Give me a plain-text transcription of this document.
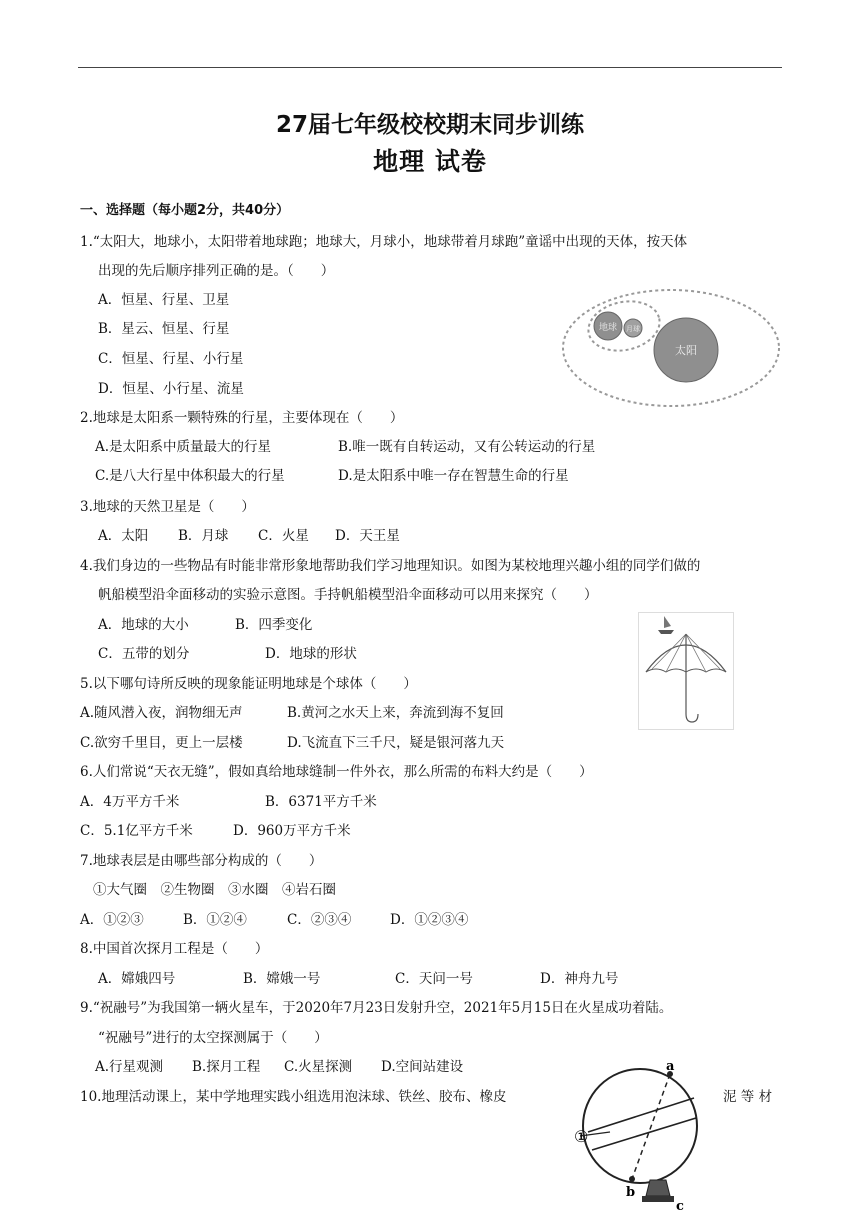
27届七年级校校期末同步训练
地理 试卷
一、选择题（每小题2分，共40分）
1.“太阳大，地球小，太阳带着地球跑；地球大，月球小，地球带着月球跑”童谣中出现的天体，按天体
出现的先后顺序排列正确的是。（　　）
A．恒星、行星、卫星
B．星云、恒星、行星
C．恒星、行星、小行星
D．恒星、小行星、流星
太阳
地球 月球
2.地球是太阳系一颗特殊的行星，主要体现在（　　）
A.是太阳系中质量最大的行星	B.唯一既有自转运动，又有公转运动的行星
C.是八大行星中体积最大的行星	D.是太阳系中唯一存在智慧生命的行星
3.地球的天然卫星是（　　）
A．太阳 B．月球 C．火星 D．天王星
4.我们身边的一些物品有时能非常形象地帮助我们学习地理知识。如图为某校地理兴趣小组的同学们做的
帆船模型沿伞面移动的实验示意图。手持帆船模型沿伞面移动可以用来探究（　　）
A．地球的大小	B．四季变化
C．五带的划分	D．地球的形状
5.以下哪句诗所反映的现象能证明地球是个球体（　　）
A.随风潜入夜，润物细无声	B.黄河之水天上来，奔流到海不复回
C.欲穷千里目，更上一层楼	D.飞流直下三千尺，疑是银河落九天
6.人们常说“天衣无缝”，假如真给地球缝制一件外衣，那么所需的布料大约是（　　）
A．4万平方千米	B．6371平方千米
C．5.1亿平方千米	D．960万平方千米
7.地球表层是由哪些部分构成的（　　）
①大气圈　②生物圈　③水圈　④岩石圈
A．①②③	B．①②④	C．②③④	D．①②③④
8.中国首次探月工程是（　　）
A．嫦娥四号	B．嫦娥一号	C．天问一号	D．神舟九号
9.“祝融号”为我国第一辆火星车，于2020年7月23日发射升空，2021年5月15日在火星成功着陆。
“祝融号”进行的太空探测属于（　　）
A.行星观测 B.探月工程 C.火星探测 D.空间站建设
10.地理活动课上，某中学地理实践小组选用泡沫球、铁丝、胶布、橡皮	泥 等 材
a
b
c
①
